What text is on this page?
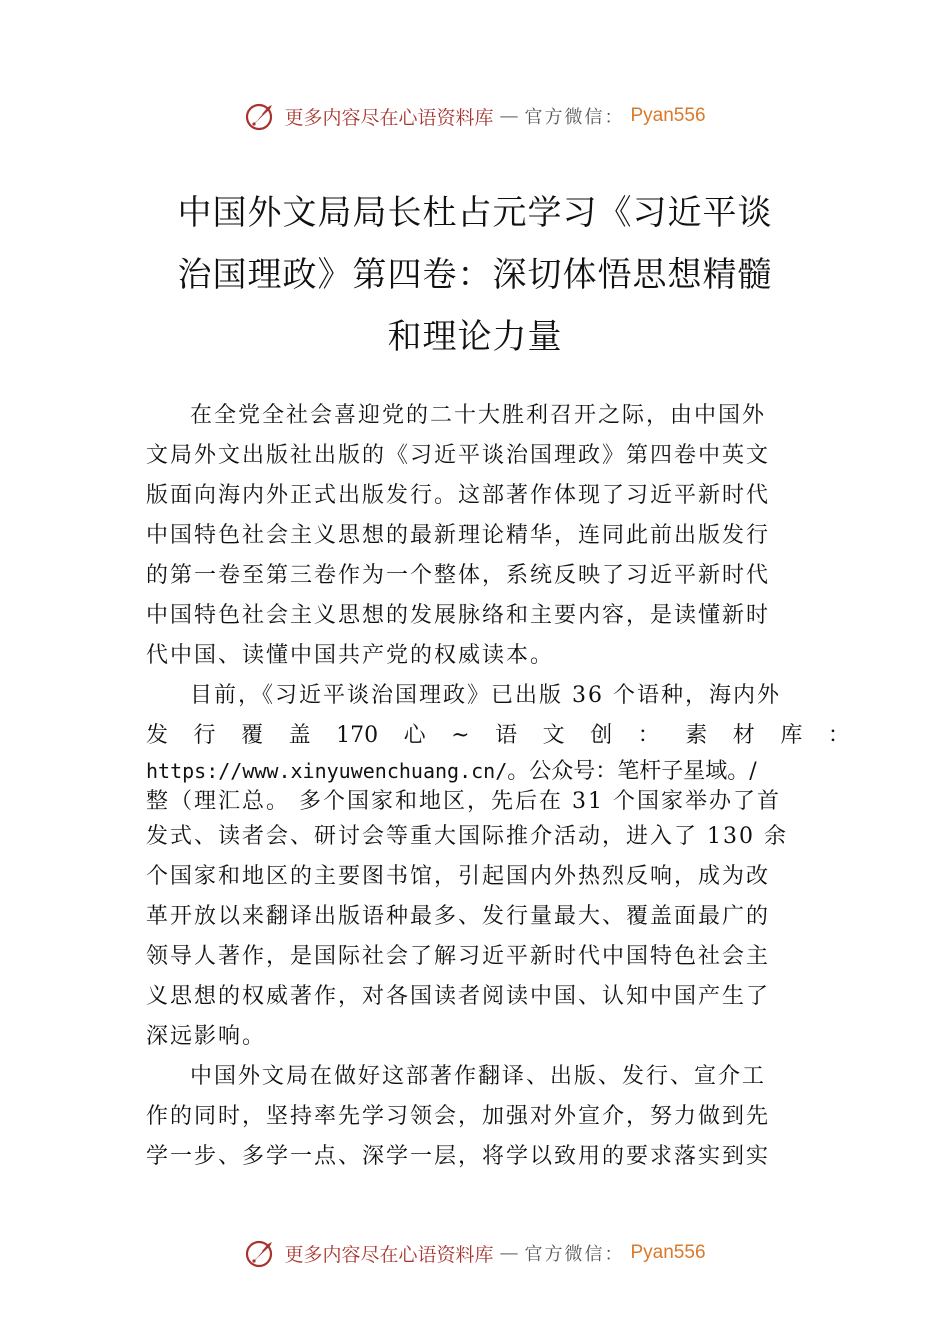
更多内容尽在心语资料库 — 官方微信： Pyan556
中国外文局局长杜占元学习《习近平谈
治国理政》第四卷：深切体悟思想精髓
和理论力量

在全党全社会喜迎党的二十大胜利召开之际，由中国外

文局外文出版社出版的《习近平谈治国理政》第四卷中英文
版面向海内外正式出版发行。这部著作体现了习近平新时代
中国特色社会主义思想的最新理论精华，连同此前出版发行
的第一卷至第三卷作为一个整体，系统反映了习近平新时代
中国特色社会主义思想的发展脉络和主要内容，是读懂新时
代中国、读懂中国共产党的权威读本。

目前，《习近平谈治国理政》已出版 36 个语种，海内外

发 行 覆 盖 170 心 ~ 语 文 创 ： 素 材 库 ：

https://www.xinyuwenchuang.cn/。公众号：笔杆子星域。/

整（理汇总。 多个国家和地区，先后在 31 个国家举办了首
发式、读者会、研讨会等重大国际推介活动，进入了 130 余
个国家和地区的主要图书馆，引起国内外热烈反响，成为改
革开放以来翻译出版语种最多、发行量最大、覆盖面最广的
领导人著作，是国际社会了解习近平新时代中国特色社会主
义思想的权威著作，对各国读者阅读中国、认知中国产生了
深远影响。

中国外文局在做好这部著作翻译、出版、发行、宣介工

作的同时，坚持率先学习领会，加强对外宣介，努力做到先
学一步、多学一点、深学一层，将学以致用的要求落实到实

更多内容尽在心语资料库 — 官方微信： Pyan556
